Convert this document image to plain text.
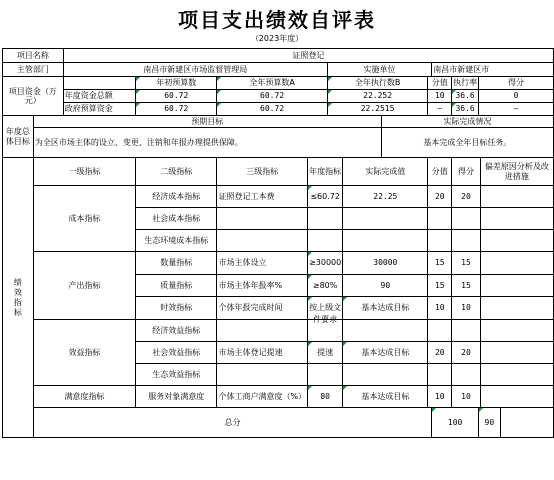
项目支出绩效自评表
（2023年度）
项目名称		证照登记												
主管部门		南昌市新建区市场监督管理局				实施单位				南昌市新建区市				
项目资金（万元）			年初预算数	全年预算数A		全年执行数B			分值		执行率	得分		
		年度资金总额	60.72	60.72		22.252			10		36.6	0		
		政府预算资金	60.72	60.72		22.2515			—		36.6	—		
年度总体目标	预期目标							实际完成情况						
	为全区市场主体的设立、变更、注销和年报办理提供保障。							基本完成全年目标任务。						
绩效指标	一级指标		二级指标	三级指标	年度指标		实际完成值		分值		得分		偏差原因分析及改进措施	
	成本指标		经济成本指标	证照登记工本费	≤60.72		22.25		20		20			
			社会成本指标											
			生态环境成本指标											
	产出指标		数量指标	市场主体设立	≥30000		30000		15		15			
			质量指标	市场主体年报率%	≥80%		90		15		15			
			时效指标	个体年报完成时间	按上级文件要求		基本达成目标		10		10			
	效益指标		经济效益指标											
			社会效益指标	市场主体登记提速	提速		基本达成目标		20		20			
			生态效益指标											
	满意度指标		服务对象满意度	个体工商户满意度（%）	80		基本达成目标		10		10			
	总分									100		90		
